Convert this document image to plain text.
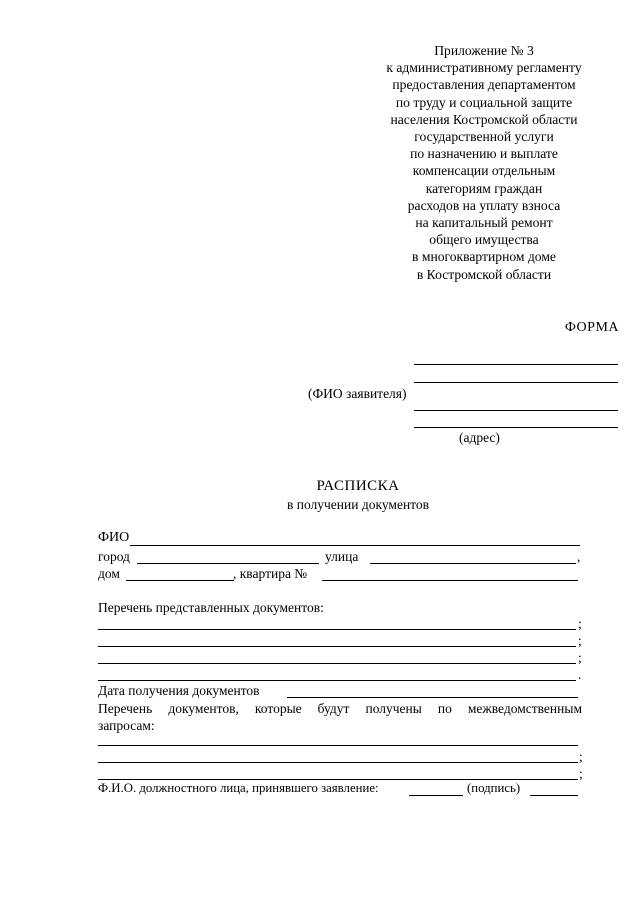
Приложение № 3
к административному регламенту
предоставления департаментом
по труду и социальной защите
населения Костромской области
государственной услуги
по назначению и выплате
компенсации отдельным
категориям граждан
расходов на уплату взноса
на капитальный ремонт
общего имущества
в многоквартирном доме
в Костромской области
ФОРМА
(ФИО заявителя)
(адрес)
РАСПИСКА
в получении документов
ФИО
город	улица	,
дом	, квартира №
Перечень представленных документов:
;
;
;
.
Дата получения документов
Перечень документов, которые будут получены по межведомственным
запросам:
;
;
Ф.И.О. должностного лица, принявшего заявление:	(подпись)
